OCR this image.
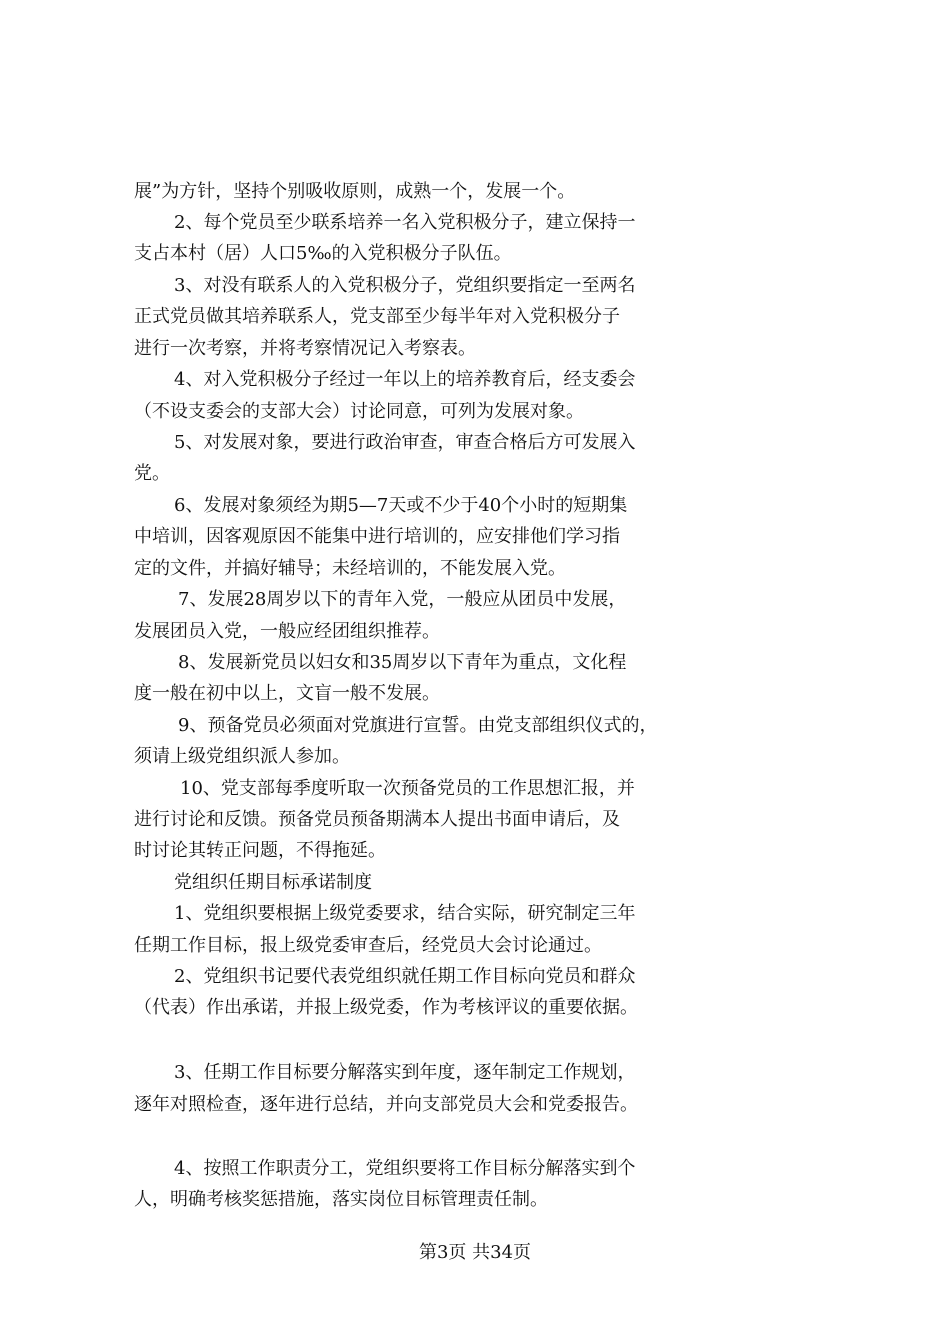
展”为方针，坚持个别吸收原则，成熟一个，发展一个。
2、每个党员至少联系培养一名入党积极分子，建立保持一
支占本村（居）人口5‰的入党积极分子队伍。
3、对没有联系人的入党积极分子，党组织要指定一至两名
正式党员做其培养联系人，党支部至少每半年对入党积极分子
进行一次考察，并将考察情况记入考察表。
4、对入党积极分子经过一年以上的培养教育后，经支委会
（不设支委会的支部大会）讨论同意，可列为发展对象。
5、对发展对象，要进行政治审查，审查合格后方可发展入
党。
6、发展对象须经为期5—7天或不少于40个小时的短期集
中培训，因客观原因不能集中进行培训的，应安排他们学习指
定的文件，并搞好辅导；未经培训的，不能发展入党。
7、发展28周岁以下的青年入党，一般应从团员中发展，
发展团员入党，一般应经团组织推荐。
8、发展新党员以妇女和35周岁以下青年为重点，文化程
度一般在初中以上，文盲一般不发展。
9、预备党员必须面对党旗进行宣誓。由党支部组织仪式的，
须请上级党组织派人参加。
10、党支部每季度听取一次预备党员的工作思想汇报，并
进行讨论和反馈。预备党员预备期满本人提出书面申请后，及
时讨论其转正问题，不得拖延。
党组织任期目标承诺制度
1、党组织要根据上级党委要求，结合实际，研究制定三年
任期工作目标，报上级党委审查后，经党员大会讨论通过。
2、党组织书记要代表党组织就任期工作目标向党员和群众
（代表）作出承诺，并报上级党委，作为考核评议的重要依据。
3、任期工作目标要分解落实到年度，逐年制定工作规划，
逐年对照检查，逐年进行总结，并向支部党员大会和党委报告。
4、按照工作职责分工，党组织要将工作目标分解落实到个
人，明确考核奖惩措施，落实岗位目标管理责任制。
第3页 共34页
